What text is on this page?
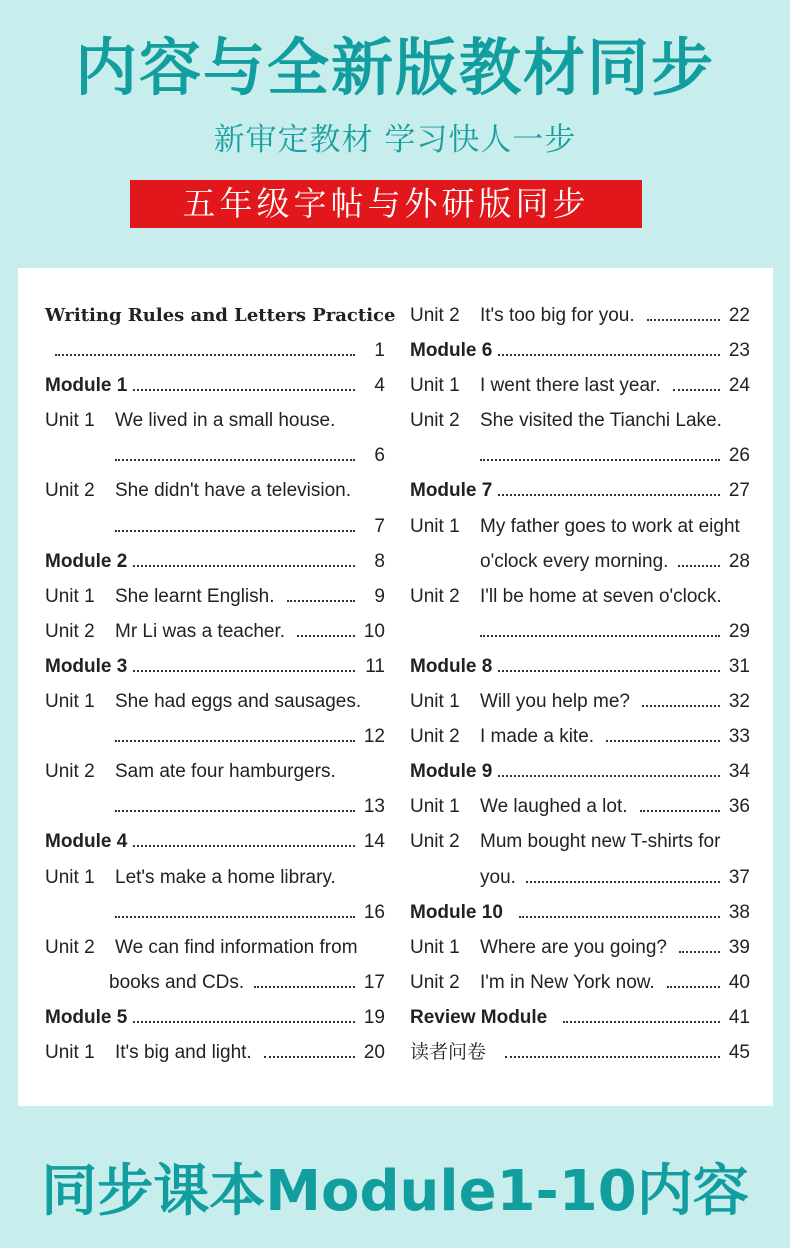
内容与全新版教材同步
新审定教材 学习快人一步
五年级字帖与外研版同步
Writing Rules and Letters Practice
1
Module 1	4
Unit 1 We lived in a small house.
6
Unit 2 She didn't have a television.
7
Module 2	8
Unit 1 She learnt English.	9
Unit 2 Mr Li was a teacher.	10
Module 3	11
Unit 1 She had eggs and sausages.
12
Unit 2 Sam ate four hamburgers.
13
Module 4	14
Unit 1 Let's make a home library.
16
Unit 2 We can find information from
books and CDs.	17
Module 5	19
Unit 1 It's big and light.	20
Unit 2 It's too big for you.	22
Module 6	23
Unit 1 I went there last year.	24
Unit 2 She visited the Tianchi Lake.
26
Module 7	27
Unit 1 My father goes to work at eight
o'clock every morning.	28
Unit 2 I'll be home at seven o'clock.
29
Module 8	31
Unit 1 Will you help me?	32
Unit 2 I made a kite.	33
Module 9	34
Unit 1 We laughed a lot.	36
Unit 2 Mum bought new T-shirts for
you.	37
Module 10	38
Unit 1 Where are you going?	39
Unit 2 I'm in New York now.	40
Review Module	41
读者问卷	45
同步课本Module1-10内容
